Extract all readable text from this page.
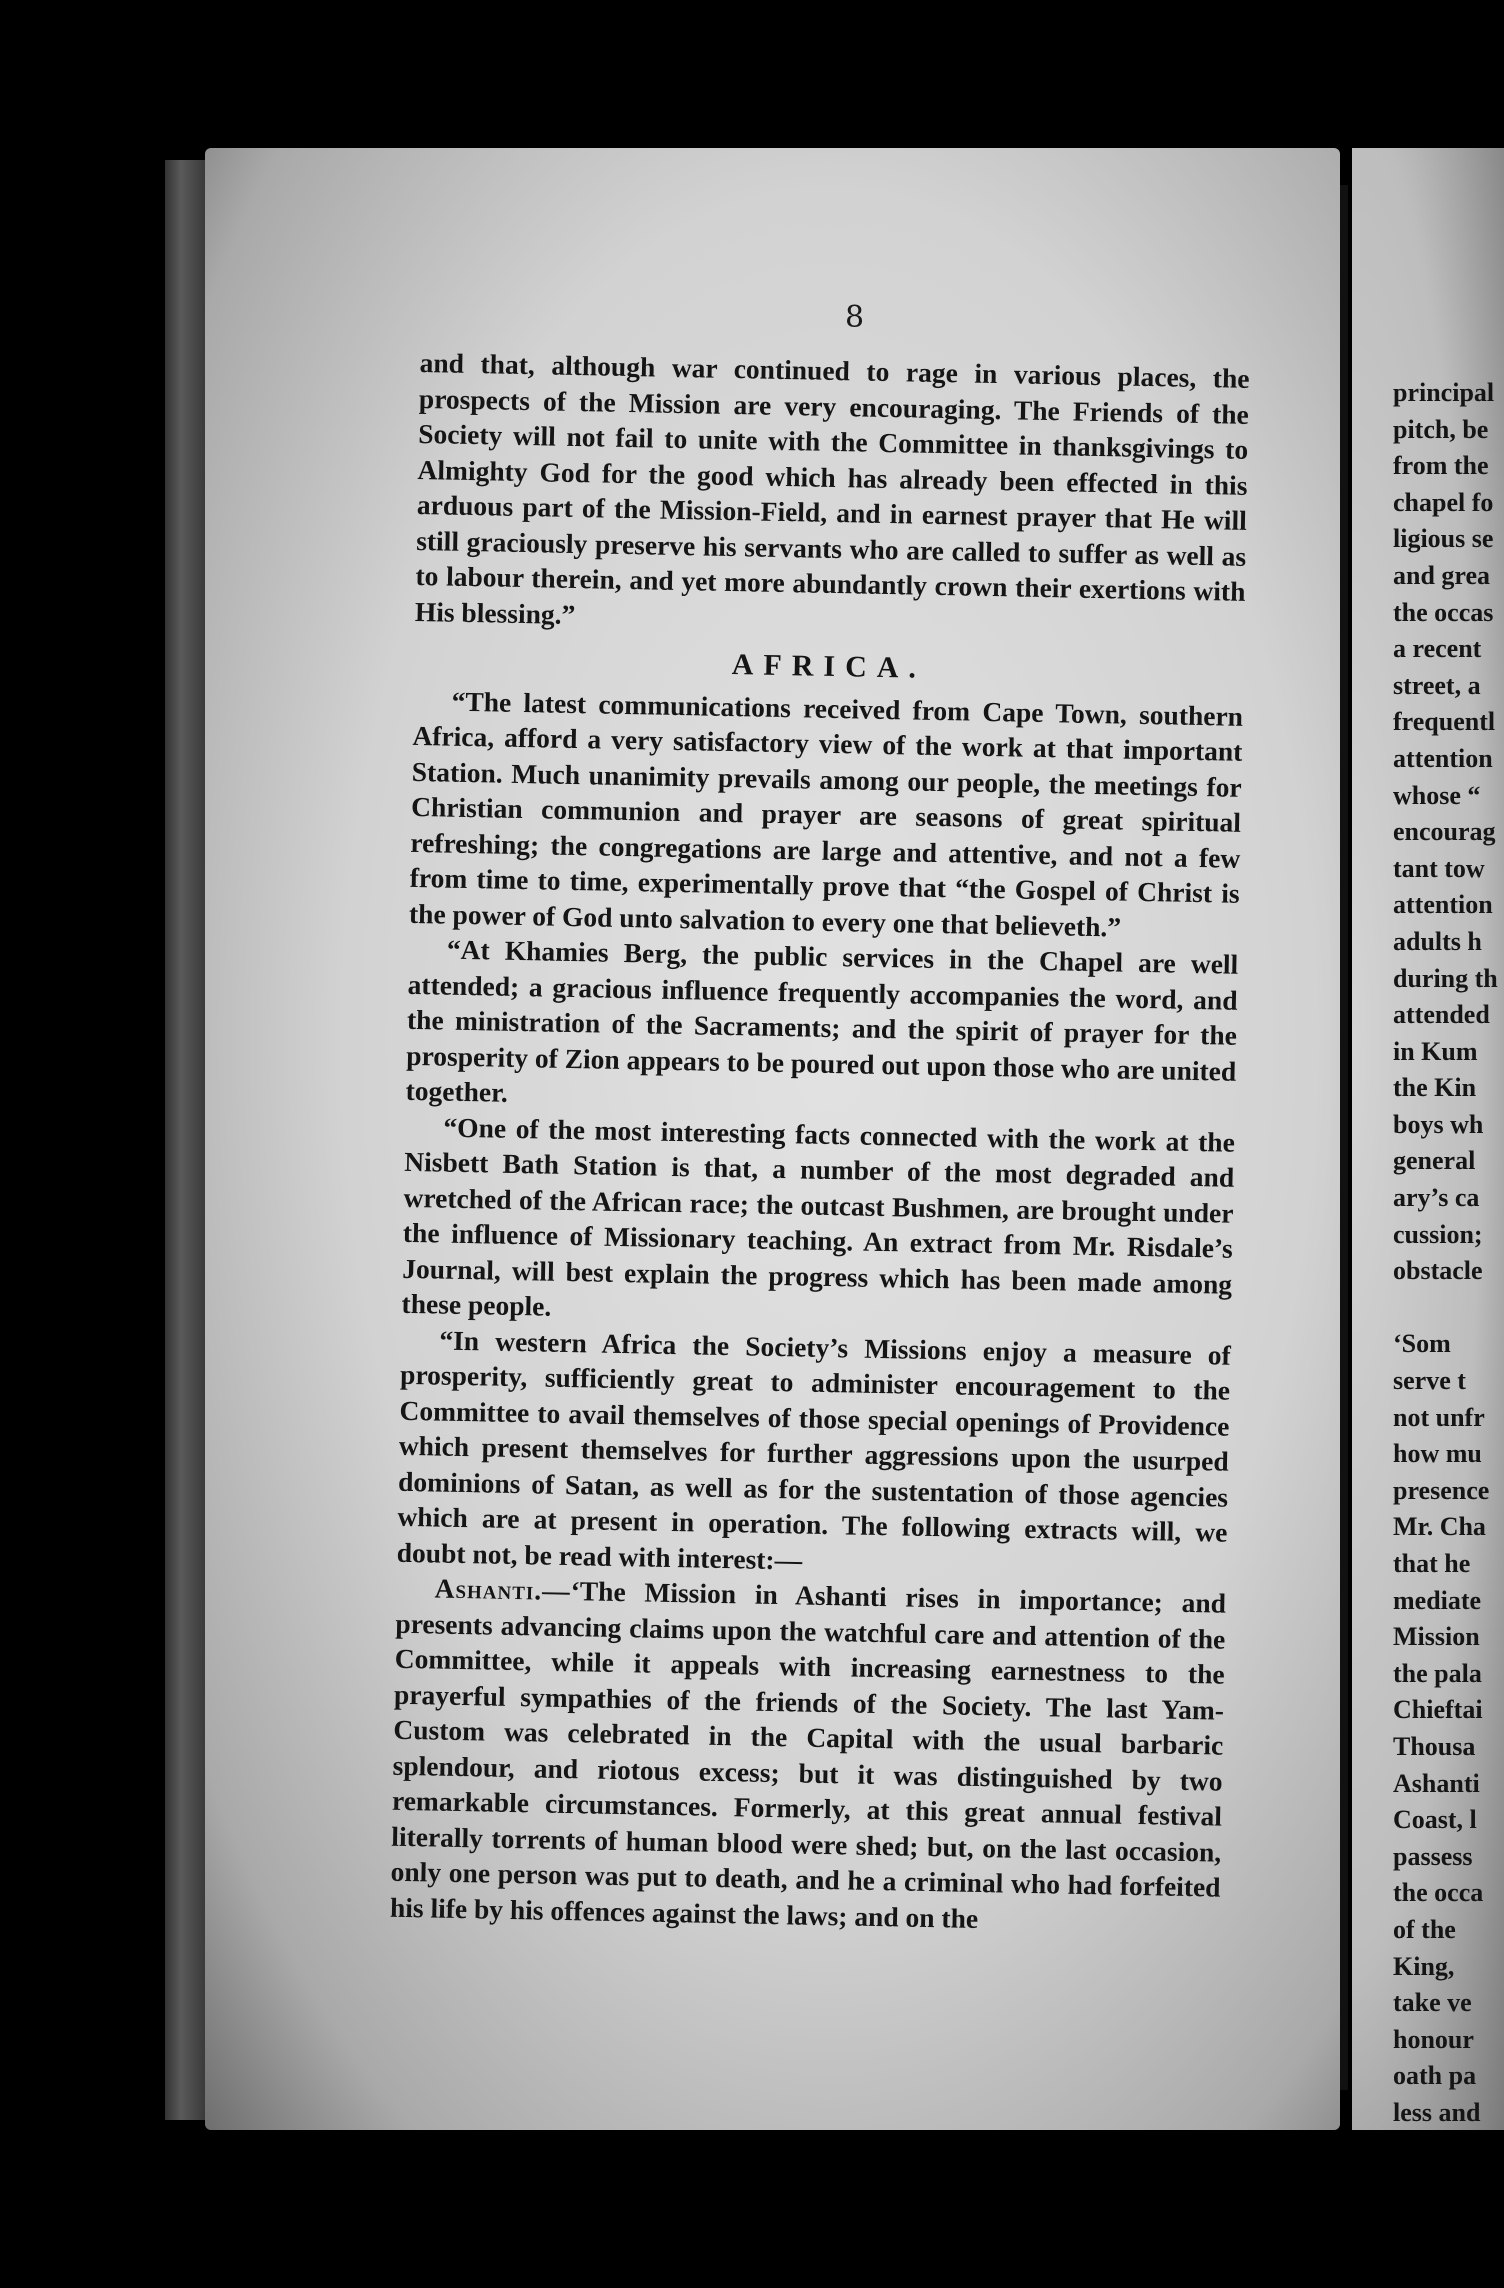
8

and that, although war continued to rage in various places, the prospects of the Mission are very encouraging. The Friends of the Society will not fail to unite with the Committee in thanksgivings to Almighty God for the good which has already been effected in this arduous part of the Mission-Field, and in earnest prayer that He will still graciously preserve his servants who are called to suffer as well as to labour therein, and yet more abundantly crown their exertions with His blessing.”

AFRICA.

“The latest communications received from Cape Town, southern Africa, afford a very satisfactory view of the work at that important Station. Much unanimity prevails among our people, the meetings for Christian communion and prayer are seasons of great spiritual refreshing; the congregations are large and attentive, and not a few from time to time, experimentally prove that “the Gospel of Christ is the power of God unto salvation to every one that believeth.”

“At Khamies Berg, the public services in the Chapel are well attended; a gracious influence frequently accompanies the word, and the ministration of the Sacraments; and the spirit of prayer for the prosperity of Zion appears to be poured out upon those who are united together.

“One of the most interesting facts connected with the work at the Nisbett Bath Station is that, a number of the most degraded and wretched of the African race; the outcast Bushmen, are brought under the influence of Missionary teaching. An extract from Mr. Risdale’s Journal, will best explain the progress which has been made among these people.

“In western Africa the Society’s Missions enjoy a measure of prosperity, sufficiently great to administer encouragement to the Committee to avail themselves of those special openings of Providence which present themselves for further aggressions upon the usurped dominions of Satan, as well as for the sustentation of those agencies which are at present in operation. The following extracts will, we doubt not, be read with interest:—

Ashanti.—‘The Mission in Ashanti rises in importance; and presents advancing claims upon the watchful care and attention of the Committee, while it appeals with increasing earnestness to the prayerful sympathies of the friends of the Society. The last Yam-Custom was celebrated in the Capital with the usual barbaric splendour, and riotous excess; but it was distinguished by two remarkable circumstances. Formerly, at this great annual festival literally torrents of human blood were shed; but, on the last occasion, only one person was put to death, and he a criminal who had forfeited his life by his offences against the laws; and on the

principal
pitch, be
from the
chapel fo
ligious se
and grea
the occas
a recent
street, a
frequentl
attention
whose “
encourag
tant tow
attention
adults h
during th
attended
in Kum
the Kin
boys wh
general
ary’s ca
cussion;
obstacle
‘Som
serve t
not unfr
how mu
presence
Mr. Cha
that he
mediate
Mission
the pala
Chieftai
Thousa
Ashanti
Coast, l
passess
the occa
of the
King,
take ve
honour
oath pa
less and
